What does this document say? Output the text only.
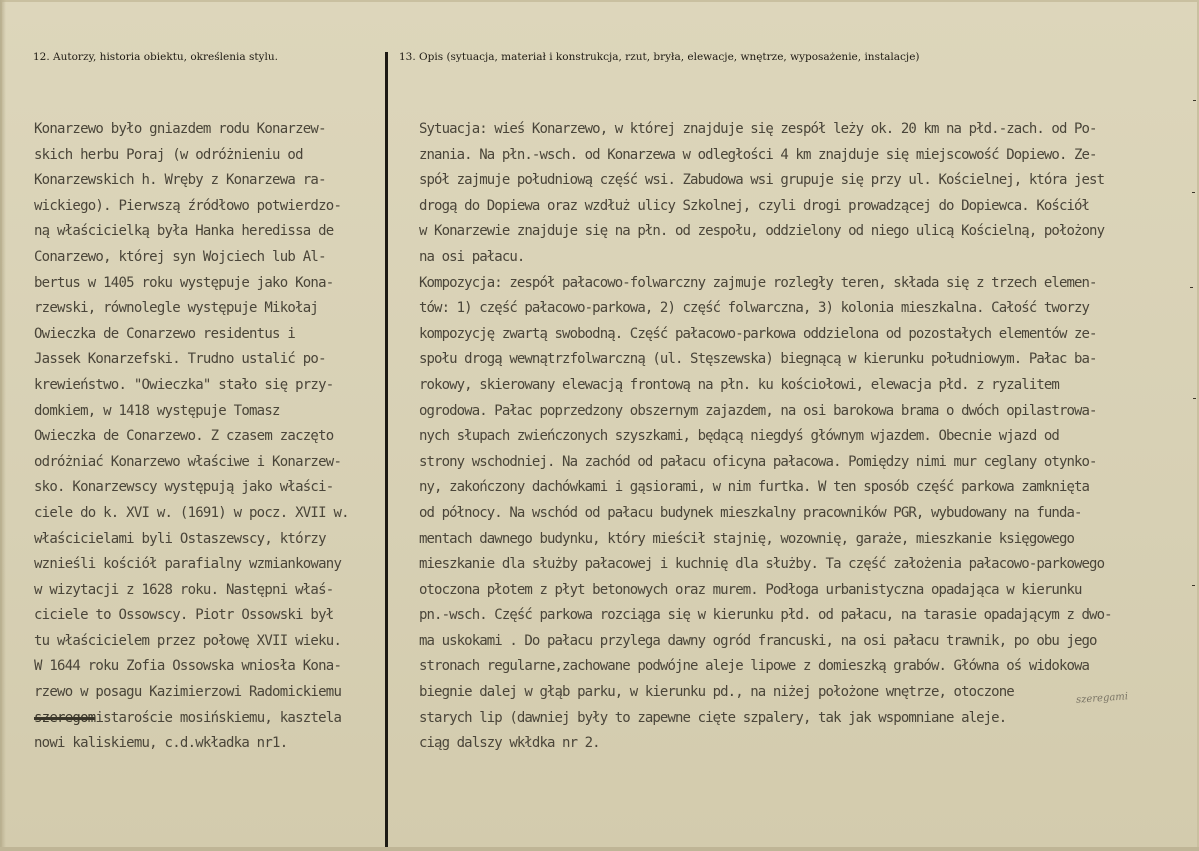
12. Autorzy, historia obiektu, określenia stylu.	13. Opis (sytuacja, materiał i konstrukcja, rzut, bryła, elewacje, wnętrze, wyposażenie, instalacje)
Konarzewo było gniazdem rodu Konarzew-
skich herbu Poraj (w odróżnieniu od
Konarzewskich h. Wręby z Konarzewa ra-
wickiego). Pierwszą źródłowo potwierdzo-
ną właścicielką była Hanka heredissa de
Conarzewo, której syn Wojciech lub Al-
bertus w 1405 roku występuje jako Kona-
rzewski, równolegle występuje Mikołaj
Owieczka de Conarzewo residentus i
Jassek Konarzefski. Trudno ustalić po-
krewieństwo. "Owieczka" stało się przy-
domkiem, w 1418 występuje Tomasz
Owieczka de Conarzewo. Z czasem zaczęto
odróżniać Konarzewo właściwe i Konarzew-
sko. Konarzewscy występują jako właści-
ciele do k. XVI w. (1691) w pocz. XVII w.
właścicielami byli Ostaszewscy, którzy
wznieśli kościół parafialny wzmiankowany
w wizytacji z 1628 roku. Następni właś-
ciciele to Ossowscy. Piotr Ossowski był
tu właścicielem przez połowę XVII wieku.
W 1644 roku Zofia Ossowska wniosła Kona-
rzewo w posagu Kazimierzowi Radomickiemu
szeregomistaroście mosińskiemu, kasztela
nowi kaliskiemu, c.d.wkładka nr1.
Sytuacja: wieś Konarzewo, w której znajduje się zespół leży ok. 20 km na płd.-zach. od Po-
znania. Na płn.-wsch. od Konarzewa w odległości 4 km znajduje się miejscowość Dopiewo. Ze-
spół zajmuje południową część wsi. Zabudowa wsi grupuje się przy ul. Kościelnej, która jest
drogą do Dopiewa oraz wzdłuż ulicy Szkolnej, czyli drogi prowadzącej do Dopiewca. Kościół
w Konarzewie znajduje się na płn. od zespołu, oddzielony od niego ulicą Kościelną, położony
na osi pałacu.
Kompozycja: zespół pałacowo-folwarczny zajmuje rozległy teren, składa się z trzech elemen-
tów: 1) część pałacowo-parkowa, 2) część folwarczna, 3) kolonia mieszkalna. Całość tworzy
kompozycję zwartą swobodną. Część pałacowo-parkowa oddzielona od pozostałych elementów ze-
społu drogą wewnątrzfolwarczną (ul. Stęszewska) biegnącą w kierunku południowym. Pałac ba-
rokowy, skierowany elewacją frontową na płn. ku kościołowi, elewacja płd. z ryzalitem
ogrodowa. Pałac poprzedzony obszernym zajazdem, na osi barokowa brama o dwóch opilastrowa-
nych słupach zwieńczonych szyszkami, będącą niegdyś głównym wjazdem. Obecnie wjazd od
strony wschodniej. Na zachód od pałacu oficyna pałacowa. Pomiędzy nimi mur ceglany otynko-
ny, zakończony dachówkami i gąsiorami, w nim furtka. W ten sposób część parkowa zamknięta
od północy. Na wschód od pałacu budynek mieszkalny pracowników PGR, wybudowany na funda-
mentach dawnego budynku, który mieścił stajnię, wozownię, garaże, mieszkanie księgowego
mieszkanie dla służby pałacowej i kuchnię dla służby. Ta część założenia pałacowo-parkowego
otoczona płotem z płyt betonowych oraz murem. Podłoga urbanistyczna opadająca w kierunku
pn.-wsch. Część parkowa rozciąga się w kierunku płd. od pałacu, na tarasie opadającym z dwo-
ma uskokami . Do pałacu przylega dawny ogród francuski, na osi pałacu trawnik, po obu jego
stronach regularne,zachowane podwójne aleje lipowe z domieszką grabów. Główna oś widokowa
biegnie dalej w głąb parku, w kierunku pd., na niżej położone wnętrze, otoczone
starych lip (dawniej były to zapewne cięte szpalery, tak jak wspomniane aleje.
ciąg dalszy wkłdka nr 2.
szeregami
